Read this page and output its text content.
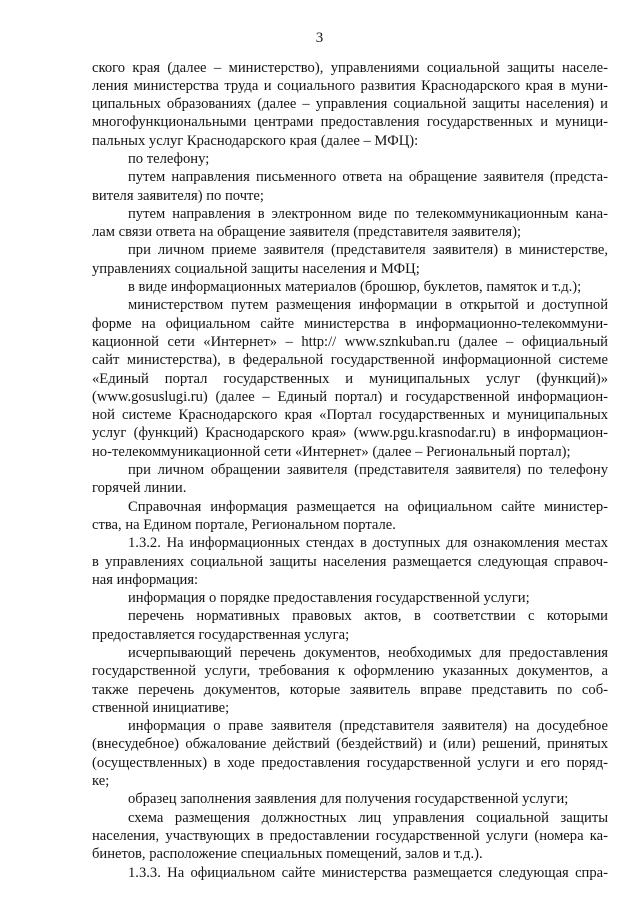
3
ского края (далее – министерство), управлениями социальной защиты населе-
ления министерства труда и социального развития Краснодарского края в муни-
ципальных образованиях (далее – управления социальной защиты населения) и
многофункциональными центрами предоставления государственных и муници-
пальных услуг Краснодарского края (далее – МФЦ):
по телефону;
путем направления письменного ответа на обращение заявителя (предста-
вителя заявителя) по почте;
путем направления в электронном виде по телекоммуникационным кана-
лам связи ответа на обращение заявителя (представителя заявителя);
при личном приеме заявителя (представителя заявителя) в министерстве,
управлениях социальной защиты населения и МФЦ;
в виде информационных материалов (брошюр, буклетов, памяток и т.д.);
министерством путем размещения информации в открытой и доступной
форме на официальном сайте министерства в информационно-телекоммуни-
кационной сети «Интернет» – http:// www.sznkuban.ru (далее – официальный
сайт министерства), в федеральной государственной информационной системе
«Единый портал государственных и муниципальных услуг (функций)»
(www.gosuslugi.ru) (далее – Единый портал) и государственной информацион-
ной системе Краснодарского края «Портал государственных и муниципальных
услуг (функций) Краснодарского края» (www.pgu.krasnodar.ru) в информацион-
но-телекоммуникационной сети «Интернет» (далее – Региональный портал);
при личном обращении заявителя (представителя заявителя) по телефону
горячей линии.
Справочная информация размещается на официальном сайте министер-
ства, на Едином портале, Региональном портале.
1.3.2. На информационных стендах в доступных для ознакомления местах
в управлениях социальной защиты населения размещается следующая справоч-
ная информация:
информация о порядке предоставления государственной услуги;
перечень нормативных правовых актов, в соответствии с которыми
предоставляется государственная услуга;
исчерпывающий перечень документов, необходимых для предоставления
государственной услуги, требования к оформлению указанных документов, а
также перечень документов, которые заявитель вправе представить по соб-
ственной инициативе;
информация о праве заявителя (представителя заявителя) на досудебное
(внесудебное) обжалование действий (бездействий) и (или) решений, принятых
(осуществленных) в ходе предоставления государственной услуги и его поряд-
ке;
образец заполнения заявления для получения государственной услуги;
схема размещения должностных лиц управления социальной защиты
населения, участвующих в предоставлении государственной услуги (номера ка-
бинетов, расположение специальных помещений, залов и т.д.).
1.3.3. На официальном сайте министерства размещается следующая спра-
